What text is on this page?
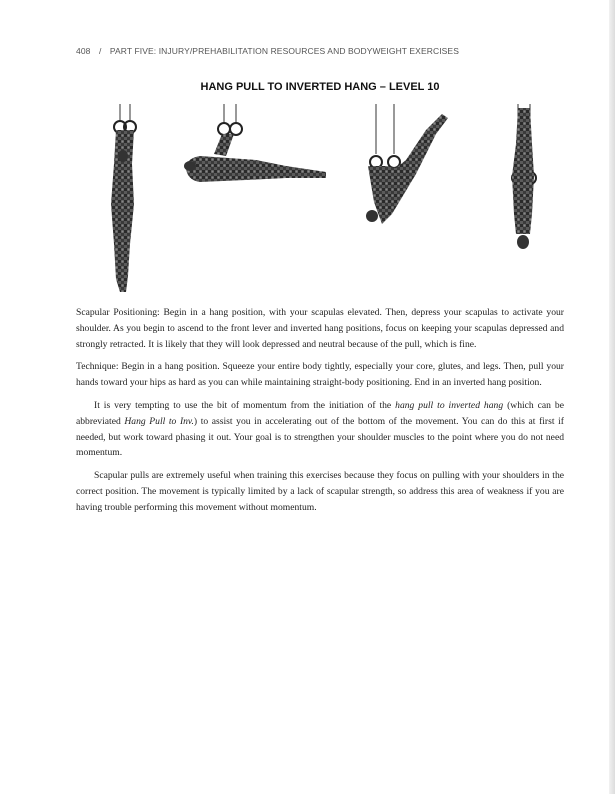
408 / PART FIVE: INJURY/PREHABILITATION RESOURCES AND BODYWEIGHT EXERCISES
HANG PULL TO INVERTED HANG – LEVEL 10

Scapular Positioning: Begin in a hang position, with your scapulas elevated. Then, depress your scapulas to activate your shoulder. As you begin to ascend to the front lever and inverted hang positions, focus on keeping your scapulas depressed and strongly retracted. It is likely that they will look depressed and neutral because of the pull, which is fine.

Technique: Begin in a hang position. Squeeze your entire body tightly, especially your core, glutes, and legs. Then, pull your hands toward your hips as hard as you can while maintaining straight-body positioning. End in an inverted hang position.

It is very tempting to use the bit of momentum from the initiation of the hang pull to inverted hang (which can be abbreviated Hang Pull to Inv.) to assist you in accelerating out of the bottom of the movement. You can do this at first if needed, but work toward phasing it out. Your goal is to strengthen your shoulder muscles to the point where you do not need momentum.

Scapular pulls are extremely useful when training this exercises because they focus on pulling with your shoulders in the correct position. The movement is typically limited by a lack of scapular strength, so address this area of weakness if you are having trouble performing this movement without momentum.
